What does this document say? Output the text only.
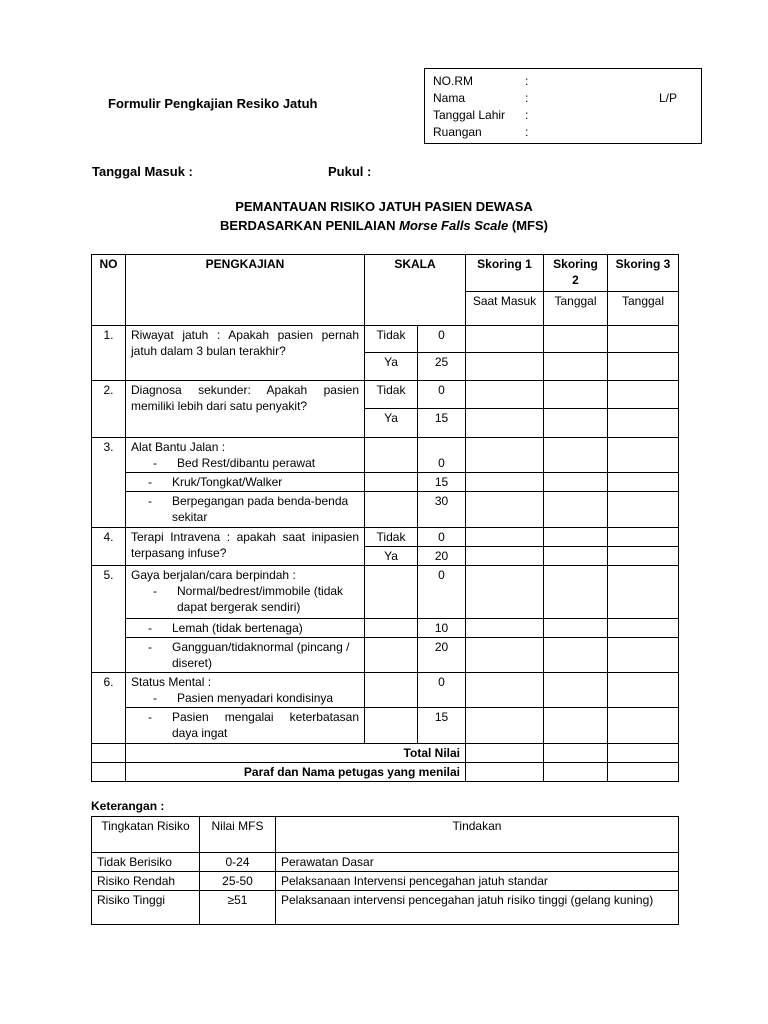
Formulir Pengkajian Resiko Jatuh
NO.RM	:
Nama	:	L/P
Tanggal Lahir :
Ruangan	:
Tanggal Masuk :	Pukul :
PEMANTAUAN RISIKO JATUH PASIEN DEWASA
BERDASARKAN PENILAIAN Morse Falls Scale (MFS)
NO	PENGKAJIAN	SKALA		Skoring 1	Skoring 2	Skoring 3
				Saat Masuk	Tanggal	Tanggal
1.	Riwayat jatuh : Apakah pasien pernah jatuh dalam 3 bulan terakhir?	Tidak	0			
		Ya	25			
2.	Diagnosa sekunder: Apakah pasien memiliki lebih dari satu penyakit?	Tidak	0			
		Ya	15			
3.	Alat Bantu Jalan :
- Bed Rest/dibantu perawat		0			

	- Kruk/Tongkat/Walker		15			

	- Berpegangan pada benda-benda sekitar		30			
4.	Terapi Intravena : apakah saat inipasien terpasang infuse?	Tidak	0			
		Ya	20			
5.	Gaya berjalan/cara berpindah :
- Normal/bedrest/immobile (tidak dapat bergerak sendiri)		0			

	- Lemah (tidak bertenaga)		10			

	- Gangguan/tidaknormal (pincang / diseret)		20			
6.	Status Mental :
- Pasien menyadari kondisinya		0			

	- Pasien mengalai keterbatasan daya ingat		15			
	Total Nilai					
	Paraf dan Nama petugas yang menilai					
Keterangan :
Tingkatan Risiko	Nilai MFS	Tindakan
Tidak Berisiko	0-24	Perawatan Dasar
Risiko Rendah	25-50	Pelaksanaan Intervensi pencegahan jatuh standar
Risiko Tinggi	≥51	Pelaksanaan intervensi pencegahan jatuh risiko tinggi (gelang kuning)
